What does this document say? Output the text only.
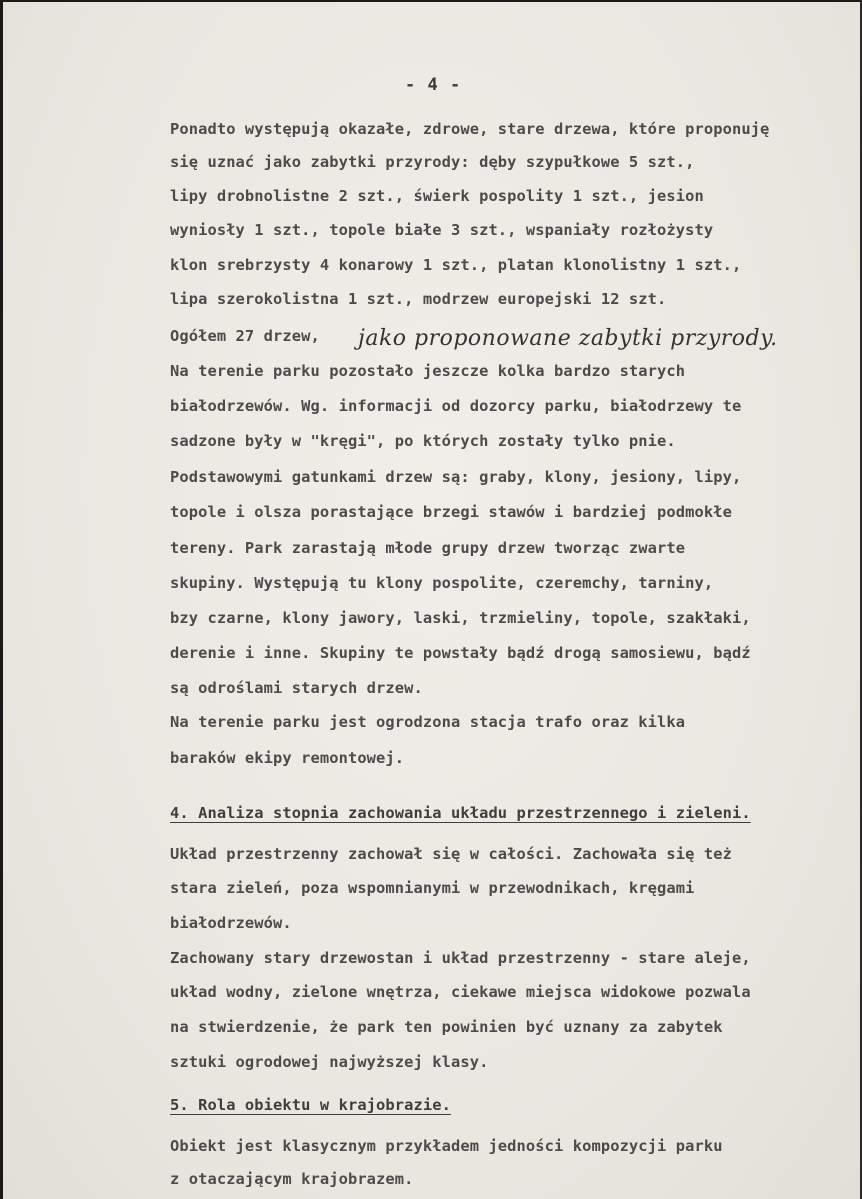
- 4 -
Ponadto występują okazałe, zdrowe, stare drzewa, które proponuję
się uznać jako zabytki przyrody: dęby szypułkowe 5 szt.,
lipy drobnolistne 2 szt., świerk pospolity 1 szt., jesion
wyniosły 1 szt., topole białe 3 szt., wspaniały rozłożysty
klon srebrzysty 4 konarowy 1 szt., platan klonolistny 1 szt.,
lipa szerokolistna 1 szt., modrzew europejski 12 szt.
Ogółem 27 drzew, jako proponowane zabytki przyrody.
Na terenie parku pozostało jeszcze kolka bardzo starych
białodrzewów. Wg. informacji od dozorcy parku, białodrzewy te
sadzone były w "kręgi", po których zostały tylko pnie.
Podstawowymi gatunkami drzew są: graby, klony, jesiony, lipy,
topole i olsza porastające brzegi stawów i bardziej podmokłe
tereny. Park zarastają młode grupy drzew tworząc zwarte
skupiny. Występują tu klony pospolite, czeremchy, tarniny,
bzy czarne, klony jawory, laski, trzmieliny, topole, szakłaki,
derenie i inne. Skupiny te powstały bądź drogą samosiewu, bądź
są odroślami starych drzew.
Na terenie parku jest ogrodzona stacja trafo oraz kilka
baraków ekipy remontowej.
4. Analiza stopnia zachowania układu przestrzennego i zieleni.
Układ przestrzenny zachował się w całości. Zachowała się też
stara zieleń, poza wspomnianymi w przewodnikach, kręgami
białodrzewów.
Zachowany stary drzewostan i układ przestrzenny - stare aleje,
układ wodny, zielone wnętrza, ciekawe miejsca widokowe pozwala
na stwierdzenie, że park ten powinien być uznany za zabytek
sztuki ogrodowej najwyższej klasy.
5. Rola obiektu w krajobrazie.
Obiekt jest klasycznym przykładem jedności kompozycji parku
z otaczającym krajobrazem.
